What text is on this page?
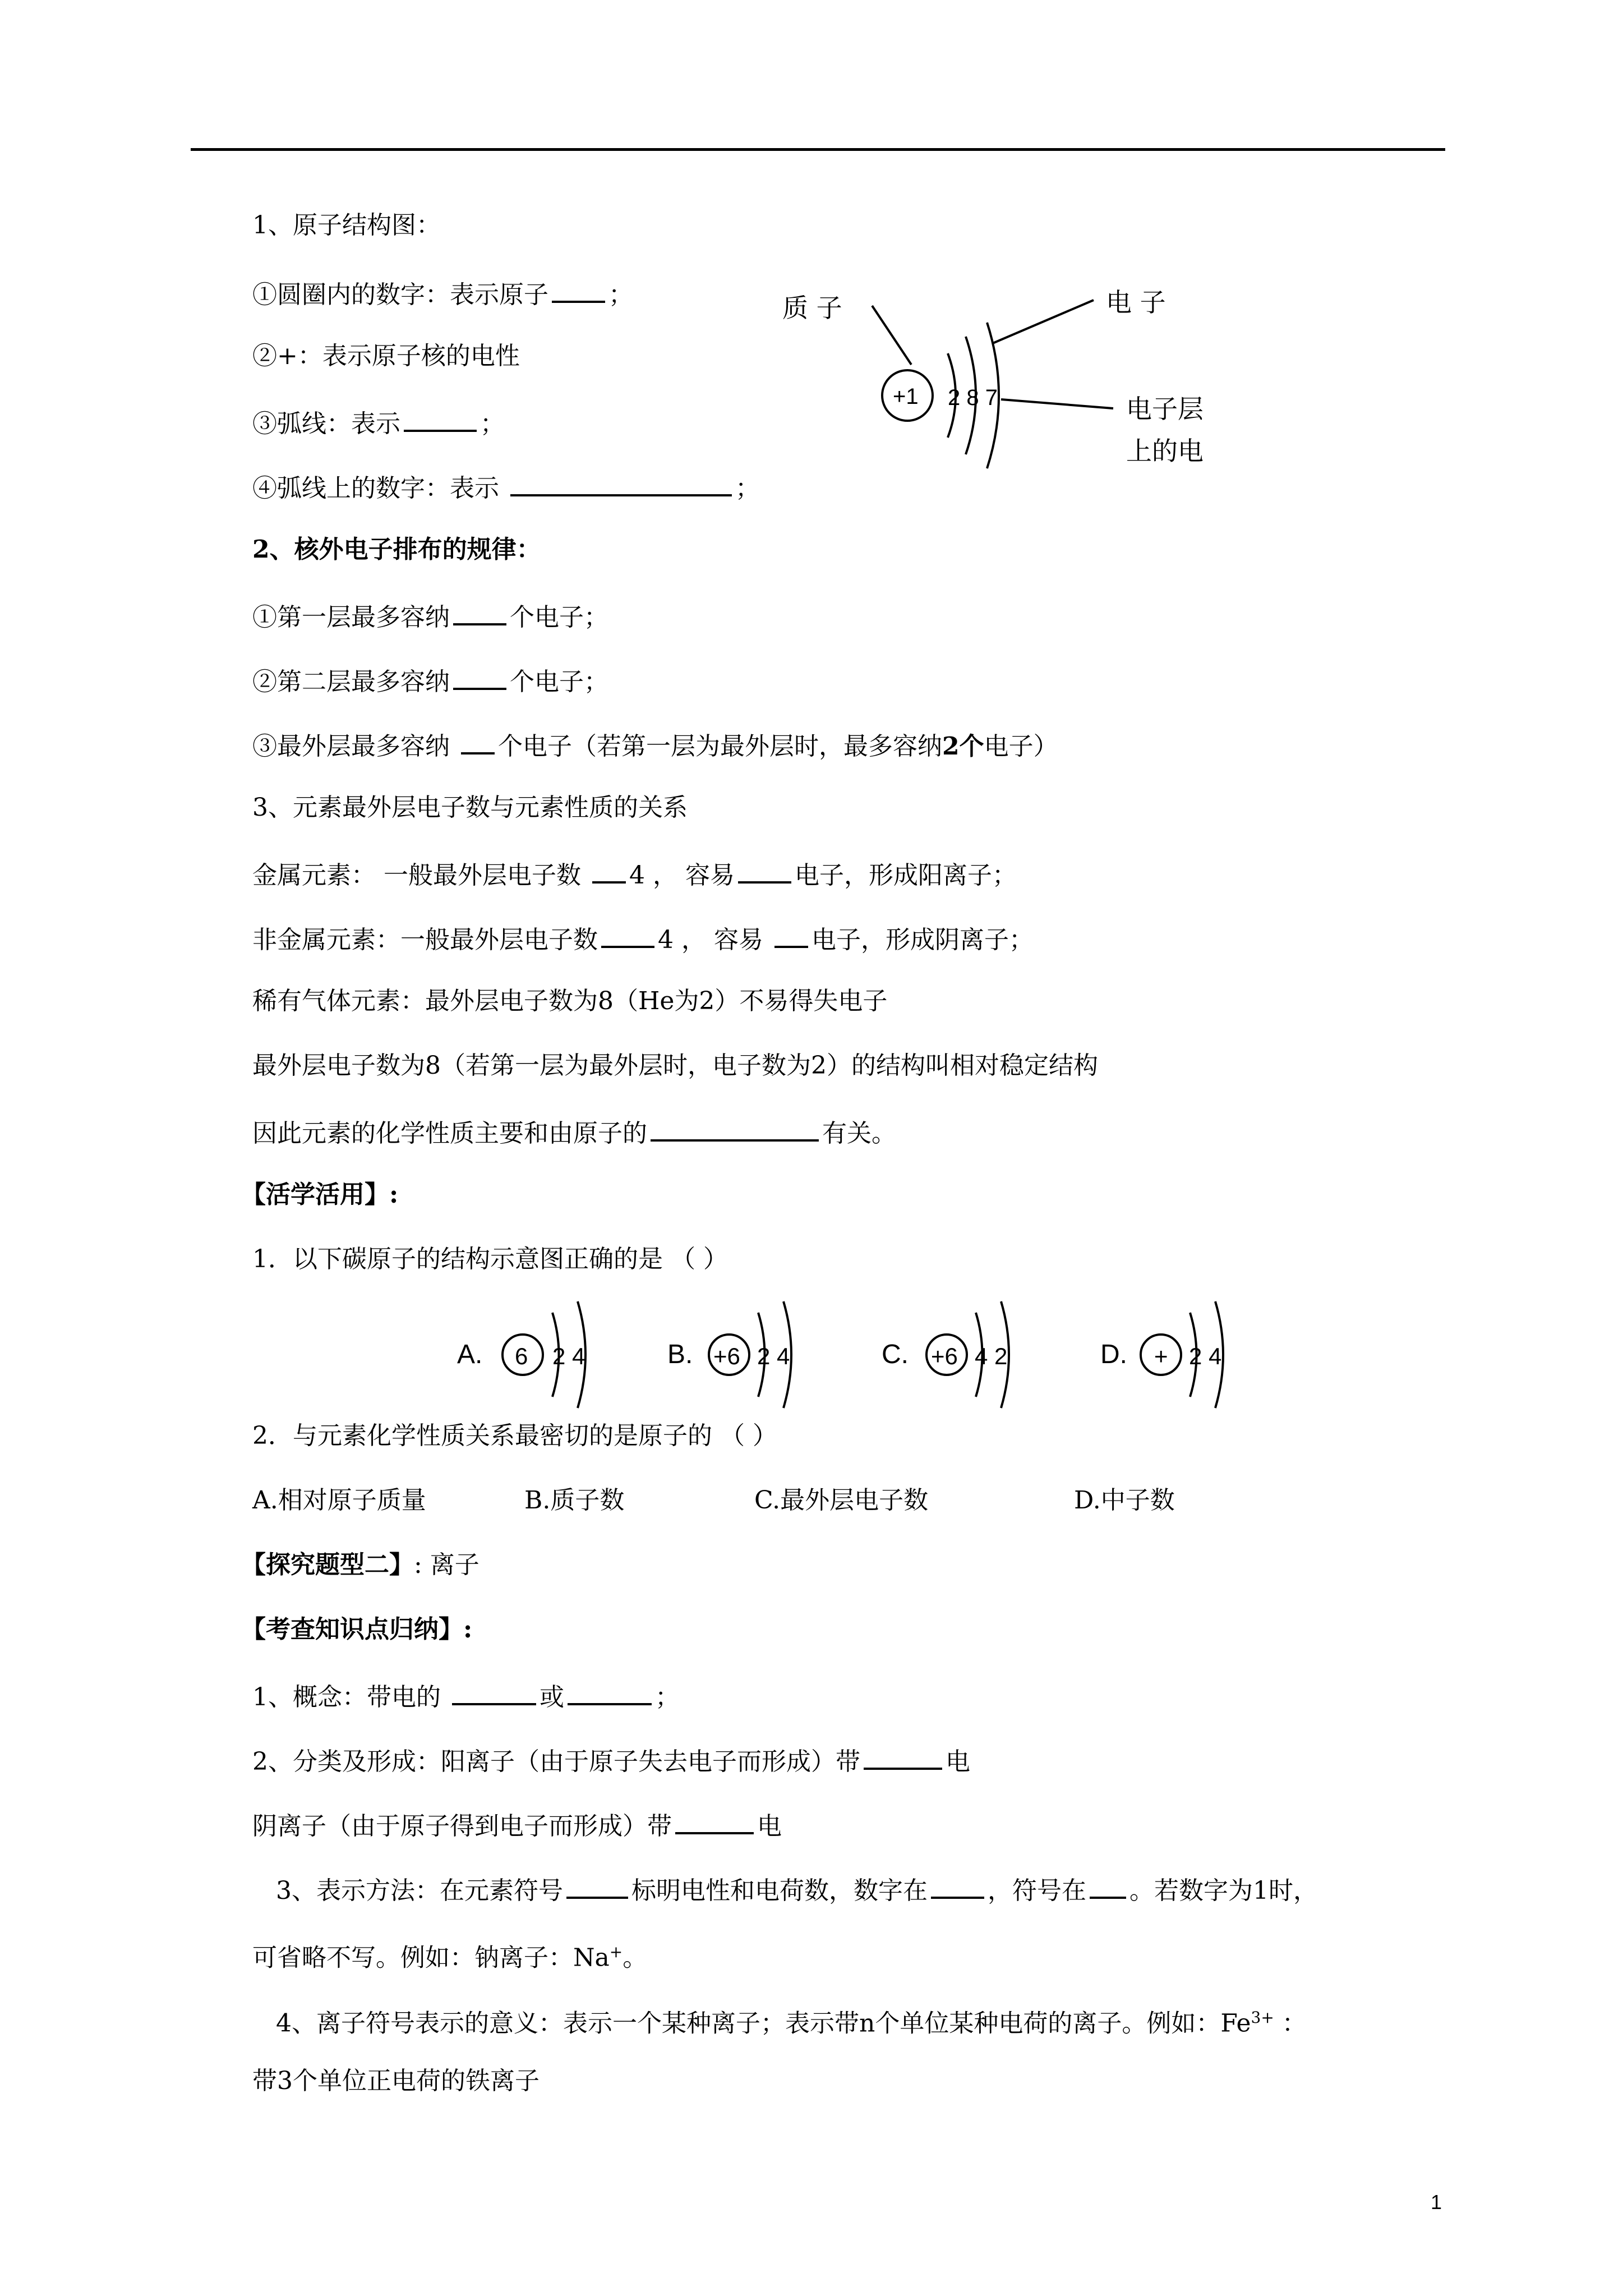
1、原子结构图：
①圆圈内的数字：表示原子 ；
②+：表示原子核的电性
③弧线：表示	；
④弧线上的数字：表示	；
质 子	电 子
电子层
上的电
+1 2 8 7
2、核外电子排布的规律：
①第一层最多容纳 个电子；
②第二层最多容纳 个电子；
③最外层最多容纳 个电子（若第一层为最外层时，最多容纳2个电子）
3、元素最外层电子数与元素性质的关系
金属元素： 一般最外层电子数 4 ， 容易 电子，形成阳离子；
非金属元素：一般最外层电子数 4 ， 容易 电子，形成阴离子；
稀有气体元素：最外层电子数为8（He为2）不易得失电子
最外层电子数为8（若第一层为最外层时，电子数为2）的结构叫相对稳定结构
因此元素的化学性质主要和由原子的	有关。
【活学活用】:
1．以下碳原子的结构示意图正确的是 （ ）
A. 6 2 4	B. +6 2 4	C. +6 4 2	D. + 2 4
2．与元素化学性质关系最密切的是原子的 （ ）
A.相对原子质量	B.质子数	C.最外层电子数	D.中子数
【探究题型二】: 离子
【考查知识点归纳】:
1、概念：带电的	或	；
2、分类及形成：阳离子（由于原子失去电子而形成）带	电
阴离子（由于原子得到电子而形成）带	电
3、表示方法：在元素符号	标明电性和电荷数，数字在 ，符号在 。若数字为1时，
可省略不写。例如：钠离子：Na+。
4、离子符号表示的意义：表示一个某种离子；表示带n个单位某种电荷的离子。例如：$Fe^{3+}$ ：
带3个单位正电荷的铁离子
1
